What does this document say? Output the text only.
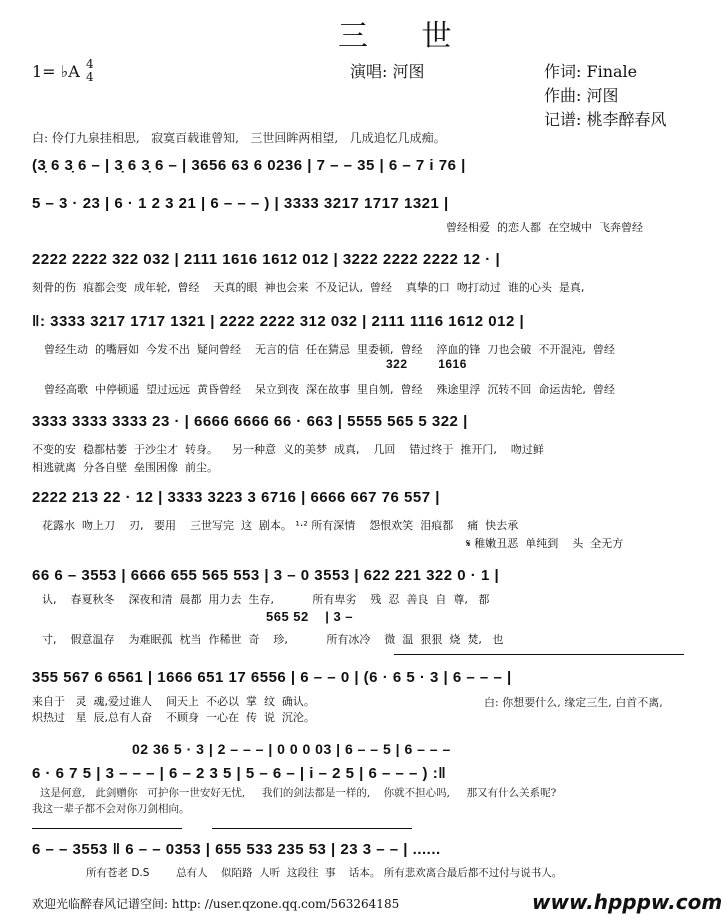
三 世
1= ♭A 4
4	演唱: 河图	作词: Finale
作曲: 河图
记谱: 桃李醉春风
白: 伶仃九泉挂相思,   寂寞百载谁曾知,   三世回眸两相望,   几成追忆几成痴。
(3̣ 6 3̣ 6 – | 3̣ 6 3̣ 6 – | 3656 63 6 0236 | 7 – – 35 | 6 – 7 i 76 |
5 – 3 · 23 | 6 · 1 2 3 21 | 6 – – – ) | 3333 3217 1717 1321 |
曾经相爱  的恋人都  在空城中  飞奔曾经
2222 2222 322 032 | 2111 1616 1612 012 | 3222 2222 2222 12 · |
刻骨的伤  痕都会变  成年轮,  曾经    天真的眼  神也会来  不及记认,  曾经    真挚的口  吻打动过  谁的心头  是真,
‖: 3333 3217 1717 1321 | 2222 2222 312 032 | 2111 1116 1612 012 |
曾经生动  的嘴唇如  今发不出  疑问曾经    无言的信  任在猜忌  里委顿,  曾经    淬血的锋  刀也会破  不开混沌,  曾经
322        1616
曾经高歌  中停顿遥  望过远远  黄昏曾经    呆立到夜  深在故事  里自刎,  曾经    殊途里浮  沉转不回  命运齿轮,  曾经
3333 3333 3333 23 · | 6666 6666 66 · 663 | 5555 565 5 322 |
不变的安  稳都枯萎  于沙尘才  转身。    另一种意  义的美梦  成真,    几回    错过终于  推开门,    吻过鲜
相逃就离  分各自壁  垒围困像  前尘。
2222 213 22 · 12 | 3333 3223 3 6716 | 6666 667 76 557 |
花露水  吻上刀    刃,   要用    三世写完  这  剧本。 ¹·² 所有深情    怨恨欢笑  泪痕都    痛  快去承
𝄋 稚嫩丑恶  单纯到    头  全无方
66 6 – 3553 | 6666 655 565 553 | 3 – 0 3553 | 622 221 322 0 · 1 |
认,    春夏秋冬    深夜和清  晨都  用力去  生存,           所有卑劣    残  忍  善良  自  尊,   都
565 52    | 3 –
寸,    假意温存    为难眠孤  枕当  作稀世  奇    珍,           所有冰冷    微  温  狠狠  烧  焚,   也
355 567 6 6561 | 1666 651 17 6556 | 6 – – 0 | (6 · 6 5 · 3 | 6 – – – |
来自于   灵  魂,爱过谁人    间天上  不必以  掌  纹  确认。	白: 你想要什么, 缘定三生, 白首不离,
炽热过   星  辰,总有人奋    不顾身  一心在  传  说  沉沦。
02 36 5 · 3 | 2 – – – | 0 0 0 03 | 6 – – 5 | 6 – – –
6 · 6 7 5 | 3 – – – | 6 – 2 3 5 | 5 – 6 – | i – 2 5 | 6 – – – ) :‖
这是何意,   此剑赠你   可护你一世安好无忧,     我们的剑法都是一样的,    你就不担心吗,     那又有什么关系呢?
我这一辈子都不会对你刀剑相向。
6 – – 3553 ‖ 6 – – 0353 | 655 533 235 53 | 23 3 – – | ......
所有苍老 D.S        总有人    似陌路  人听  这段往  事    话本。 所有悲欢离合最后都不过付与说书人。
欢迎光临醉春风记谱空间: http: //user.qzone.qq.com/563264185	www.hpppw.com
